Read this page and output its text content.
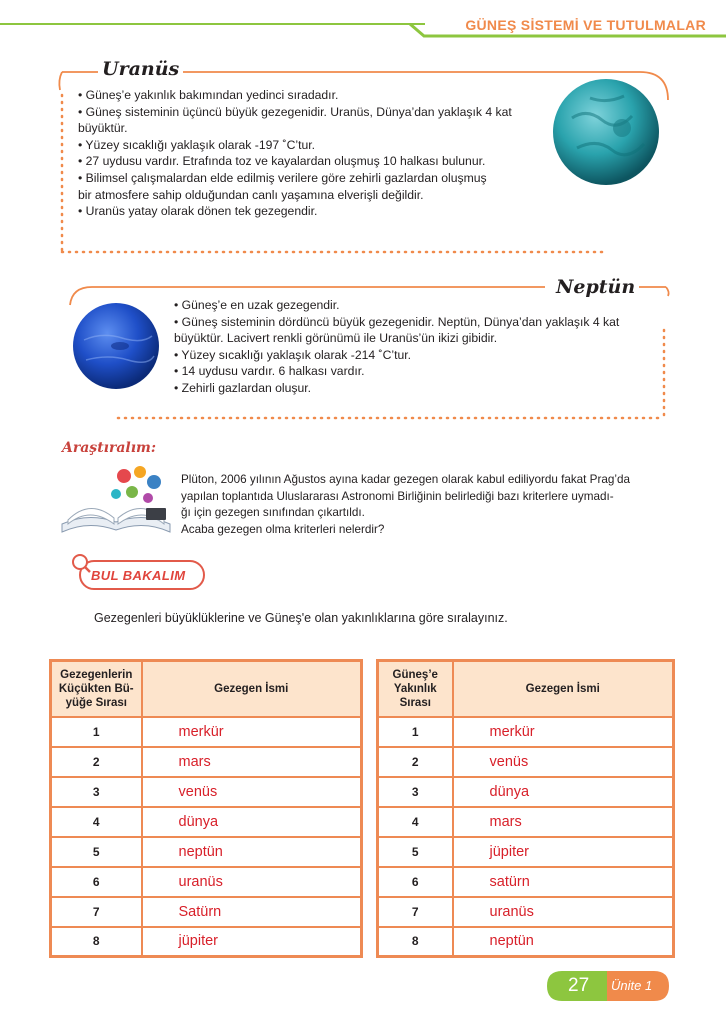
GÜNEŞ SİSTEMİ VE TUTULMALAR
Uranüs

• Güneş’e yakınlık bakımından yedinci sıradadır.

• Güneş sisteminin üçüncü büyük gezegenidir. Uranüs, Dünya’dan yaklaşık 4 kat

büyüktür.

• Yüzey sıcaklığı yaklaşık olarak -197 ˚C’tur.

• 27 uydusu vardır. Etrafında toz ve kayalardan oluşmuş 10 halkası bulunur.

• Bilimsel çalışmalardan elde edilmiş verilere göre zehirli gazlardan oluşmuş

bir atmosfere sahip olduğundan canlı yaşamına elverişli değildir.

• Uranüs yatay olarak dönen tek gezegendir.

Neptün

• Güneş’e en uzak gezegendir.

• Güneş sisteminin dördüncü büyük gezegenidir. Neptün, Dünya’dan yaklaşık 4 kat

büyüktür. Lacivert renkli görünümü ile Uranüs’ün ikizi gibidir.

• Yüzey sıcaklığı yaklaşık olarak -214 ˚C’tur.

• 14 uydusu vardır. 6 halkası vardır.

• Zehirli gazlardan oluşur.

Araştıralım:

Plüton, 2006 yılının Ağustos ayına kadar gezegen olarak kabul ediliyordu fakat Prag’da

yapılan toplantıda Uluslararası Astronomi Birliğinin belirlediği bazı kriterlere uymadı-

ğı için gezegen sınıfından çıkartıldı.

Acaba gezegen olma kriterleri nelerdir?

BUL BAKALIM
Gezegenleri büyüklüklerine ve Güneş'e olan yakınlıklarına göre sıralayınız.
Gezegenlerin
Küçükten Bü-
yüğe Sırası	Gezegen İsmi
1	merkür
2	mars
3	venüs
4	dünya
5	neptün
6	uranüs
7	Satürn
8	jüpiter
Güneş’e
Yakınlık
Sırası	Gezegen İsmi
1	merkür
2	venüs
3	dünya
4	mars
5	jüpiter
6	satürn
7	uranüs
8	neptün
27 Ünite 1
